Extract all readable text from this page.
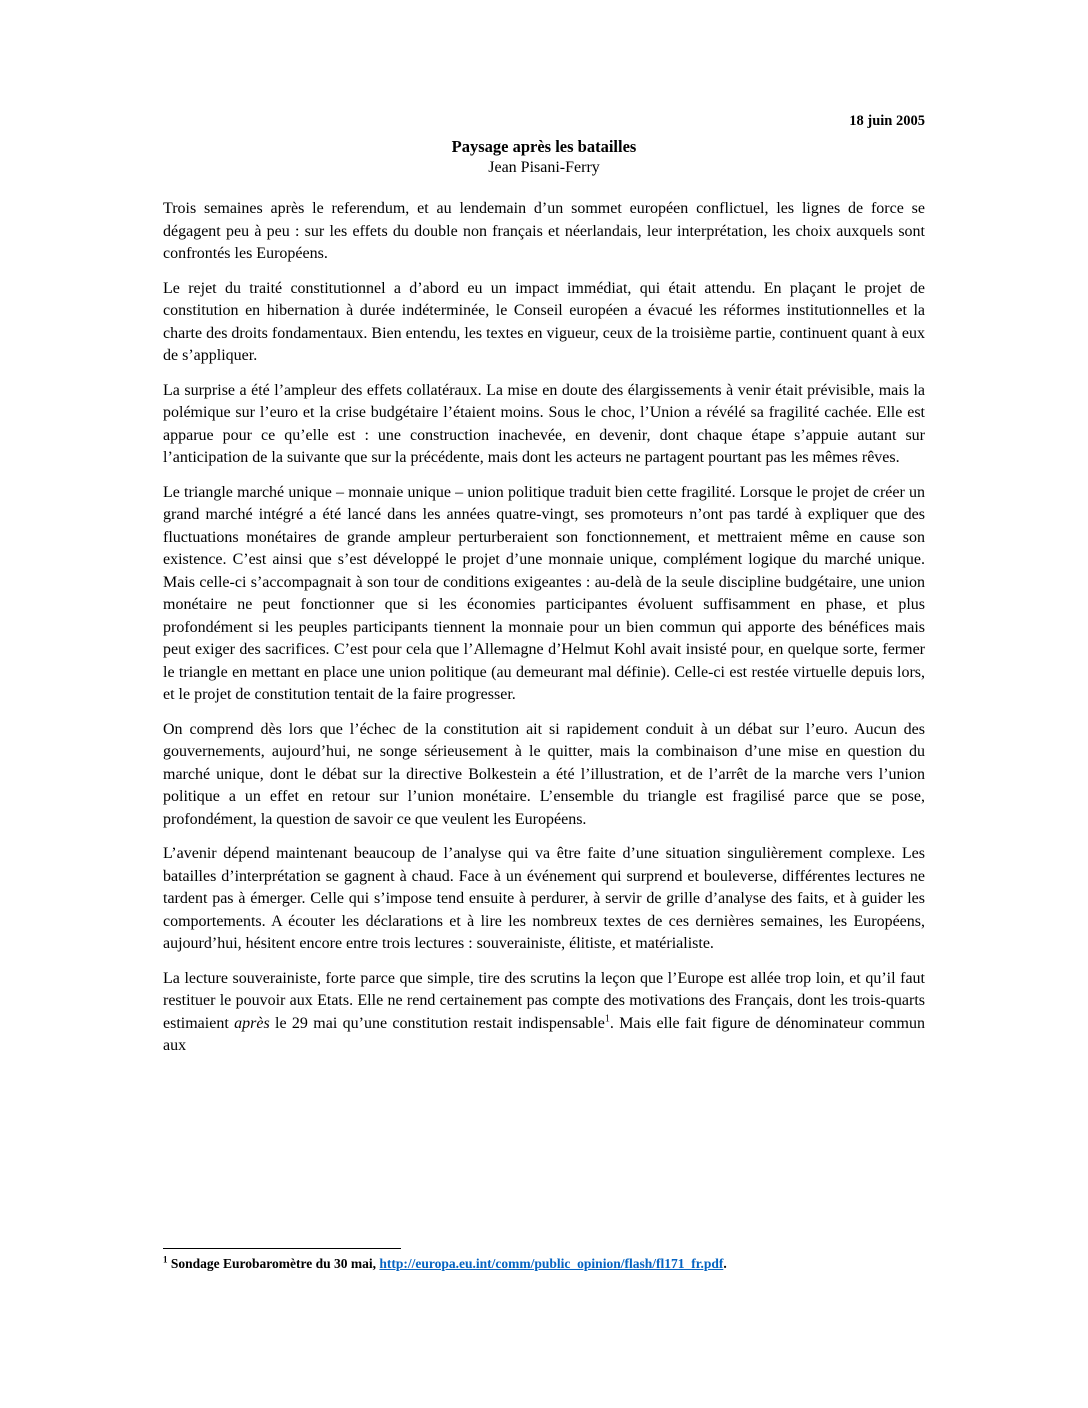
18 juin 2005
Paysage après les batailles
Jean Pisani-Ferry

Trois semaines après le referendum, et au lendemain d’un sommet européen conflictuel, les lignes de force se dégagent peu à peu : sur les effets du double non français et néerlandais, leur interprétation, les choix auxquels sont confrontés les Européens.

Le rejet du traité constitutionnel a d’abord eu un impact immédiat, qui était attendu. En plaçant le projet de constitution en hibernation à durée indéterminée, le Conseil européen a évacué les réformes institutionnelles et la charte des droits fondamentaux. Bien entendu, les textes en vigueur, ceux de la troisième partie, continuent quant à eux de s’appliquer.

La surprise a été l’ampleur des effets collatéraux. La mise en doute des élargissements à venir était prévisible, mais la polémique sur l’euro et la crise budgétaire l’étaient moins. Sous le choc, l’Union a révélé sa fragilité cachée. Elle est apparue pour ce qu’elle est : une construction inachevée, en devenir, dont chaque étape s’appuie autant sur l’anticipation de la suivante que sur la précédente, mais dont les acteurs ne partagent pourtant pas les mêmes rêves.

Le triangle marché unique – monnaie unique – union politique traduit bien cette fragilité. Lorsque le projet de créer un grand marché intégré a été lancé dans les années quatre-vingt, ses promoteurs n’ont pas tardé à expliquer que des fluctuations monétaires de grande ampleur perturberaient son fonctionnement, et mettraient même en cause son existence. C’est ainsi que s’est développé le projet d’une monnaie unique, complément logique du marché unique. Mais celle-ci s’accompagnait à son tour de conditions exigeantes : au-delà de la seule discipline budgétaire, une union monétaire ne peut fonctionner que si les économies participantes évoluent suffisamment en phase, et plus profondément si les peuples participants tiennent la monnaie pour un bien commun qui apporte des bénéfices mais peut exiger des sacrifices. C’est pour cela que l’Allemagne d’Helmut Kohl avait insisté pour, en quelque sorte, fermer le triangle en mettant en place une union politique (au demeurant mal définie). Celle-ci est restée virtuelle depuis lors, et le projet de constitution tentait de la faire progresser.

On comprend dès lors que l’échec de la constitution ait si rapidement conduit à un débat sur l’euro. Aucun des gouvernements, aujourd’hui, ne songe sérieusement à le quitter, mais la combinaison d’une mise en question du marché unique, dont le débat sur la directive Bolkestein a été l’illustration, et de l’arrêt de la marche vers l’union politique a un effet en retour sur l’union monétaire. L’ensemble du triangle est fragilisé parce que se pose, profondément, la question de savoir ce que veulent les Européens.

L’avenir dépend maintenant beaucoup de l’analyse qui va être faite d’une situation singulièrement complexe. Les batailles d’interprétation se gagnent à chaud. Face à un événement qui surprend et bouleverse, différentes lectures ne tardent pas à émerger. Celle qui s’impose tend ensuite à perdurer, à servir de grille d’analyse des faits, et à guider les comportements. A écouter les déclarations et à lire les nombreux textes de ces dernières semaines, les Européens, aujourd’hui, hésitent encore entre trois lectures : souverainiste, élitiste, et matérialiste.

La lecture souverainiste, forte parce que simple, tire des scrutins la leçon que l’Europe est allée trop loin, et qu’il faut restituer le pouvoir aux Etats. Elle ne rend certainement pas compte des motivations des Français, dont les trois-quarts estimaient après le 29 mai qu’une constitution restait indispensable$^1$. Mais elle fait figure de dénominateur commun aux

$^1$ Sondage Eurobaromètre du 30 mai, http://europa.eu.int/comm/public_opinion/flash/fl171_fr.pdf.
